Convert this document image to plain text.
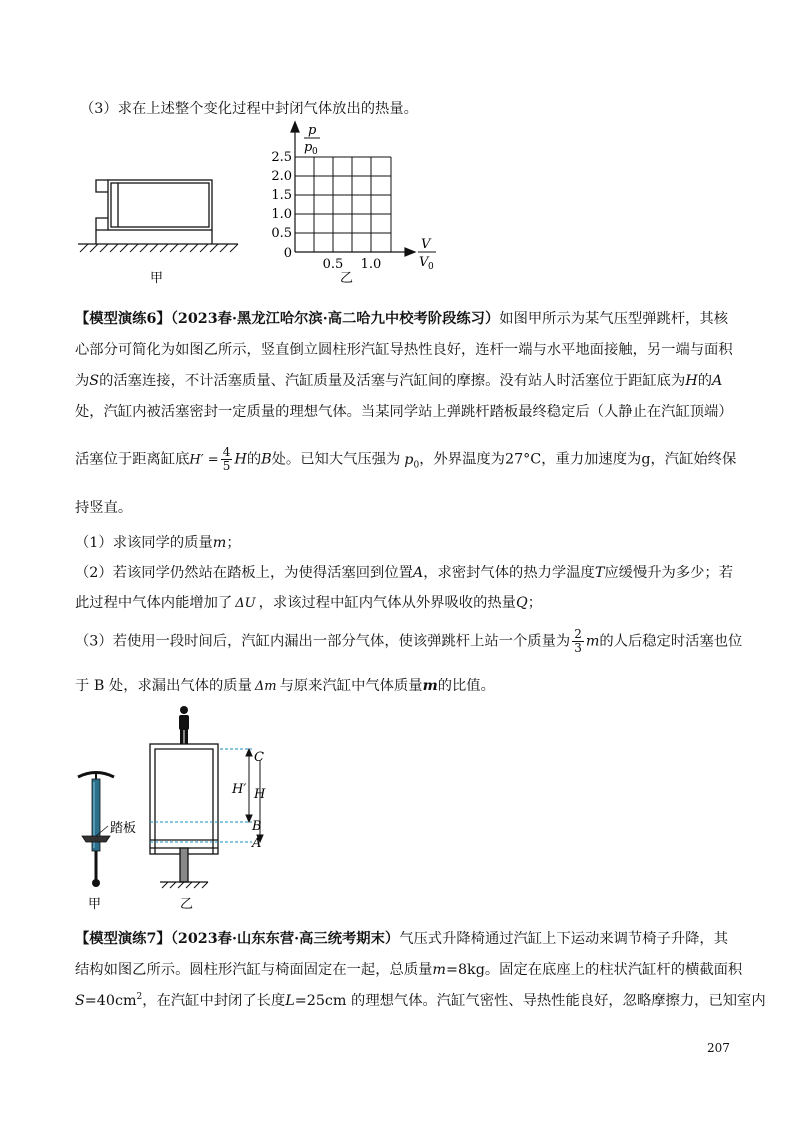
（3）求在上述整个变化过程中封闭气体放出的热量。
甲
2.5
2.0
1.5
1.0
0.5
0
0.5 1.0
p
p 0
V
V 0
乙
【模型演练6】（2023春·黑龙江哈尔滨·高二哈九中校考阶段练习）如图甲所示为某气压型弹跳杆，其核
心部分可简化为如图乙所示，竖直倒立圆柱形汽缸导热性良好，连杆一端与水平地面接触，另一端与面积
为S的活塞连接，不计活塞质量、汽缸质量及活塞与汽缸间的摩擦。没有站人时活塞位于距缸底为H的A
处，汽缸内被活塞密封一定质量的理想气体。当某同学站上弹跳杆踏板最终稳定后（人静止在汽缸顶端）
活塞位于距离缸底$H' = \frac{4}{5}$ H的B处。已知大气压强为 $p_0$，外界温度为27°C，重力加速度为g，汽缸始终保
持竖直。
（1）求该同学的质量m；
（2）若该同学仍然站在踏板上，为使得活塞回到位置A，求密封气体的热力学温度T应缓慢升为多少；若
此过程中气体内能增加了 ΔU ，求该过程中缸内气体从外界吸收的热量Q；
（3）若使用一段时间后，汽缸内漏出一部分气体，使该弹跳杆上站一个质量为 $\frac{2}{3}$ m的人后稳定时活塞也位
于 B 处，求漏出气体的质量 Δm 与原来汽缸中气体质量m的比值。
踏板
甲
C
H′ H
B
A
乙
【模型演练7】（2023春·山东东营·高三统考期末）气压式升降椅通过汽缸上下运动来调节椅子升降，其
结构如图乙所示。圆柱形汽缸与椅面固定在一起，总质量m=8kg。固定在底座上的柱状汽缸杆的横截面积
$S=40cm^2$，在汽缸中封闭了长度L=25cm 的理想气体。汽缸气密性、导热性能良好，忽略摩擦力，已知室内
207
